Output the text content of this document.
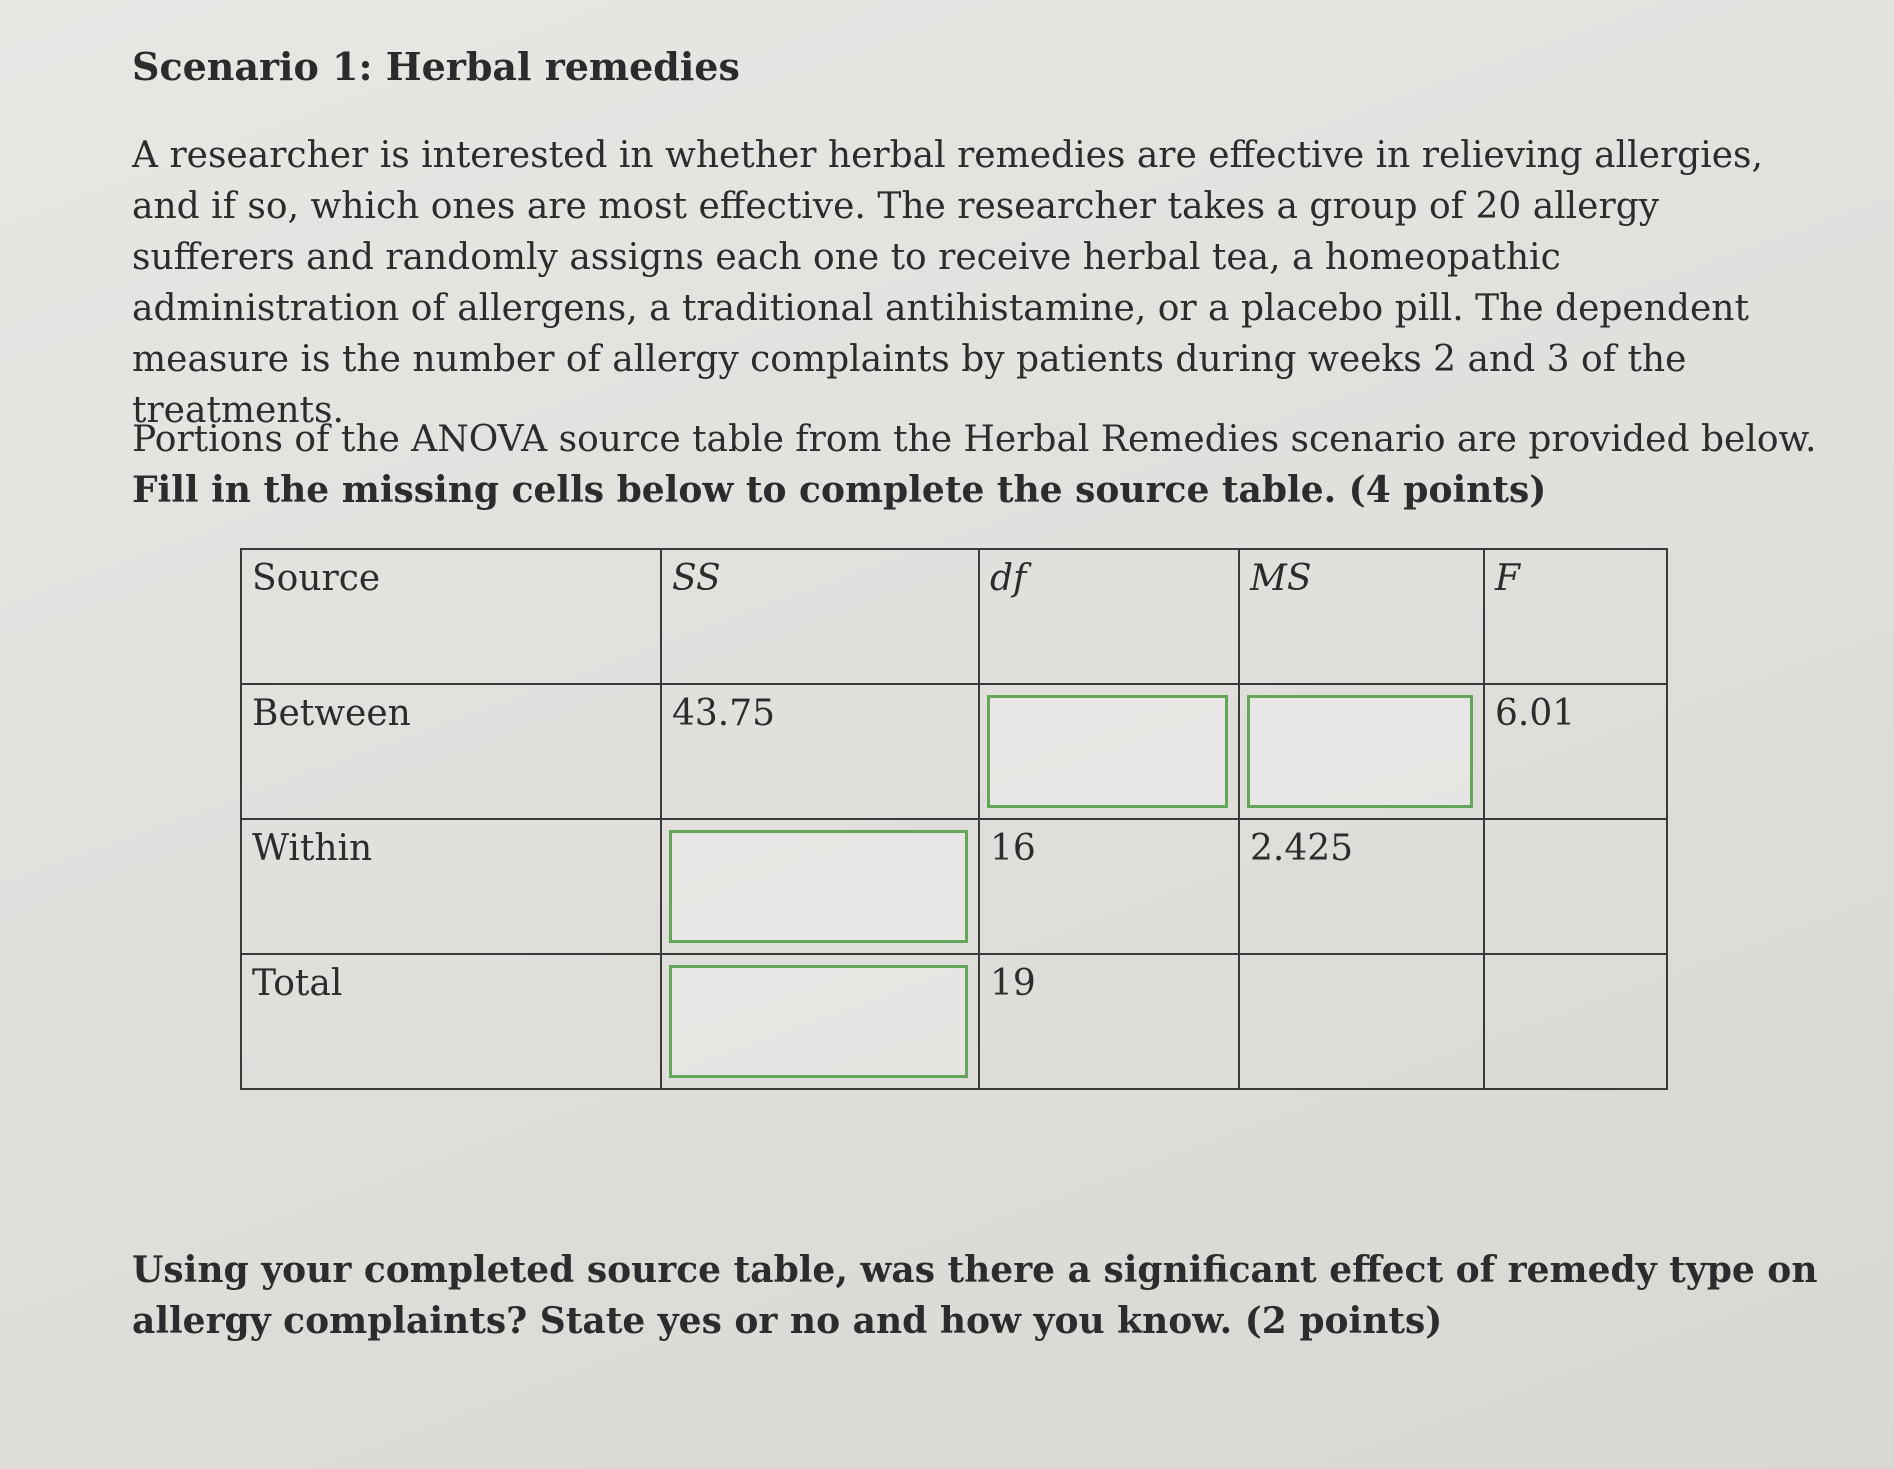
Scenario 1: Herbal remedies

A researcher is interested in whether herbal remedies are effective in relieving allergies, and if so, which ones are most effective. The researcher takes a group of 20 allergy sufferers and randomly assigns each one to receive herbal tea, a homeopathic administration of allergens, a traditional antihistamine, or a placebo pill. The dependent measure is the number of allergy complaints by patients during weeks 2 and 3 of the treatments.

Portions of the ANOVA source table from the Herbal Remedies scenario are provided below. Fill in the missing cells below to complete the source table. (4 points)

Source	SS	df	MS	F

Between	43.75			6.01

Within		16	2.425	

Total		19		

Using your completed source table, was there a significant effect of remedy type on allergy complaints? State yes or no and how you know. (2 points)
